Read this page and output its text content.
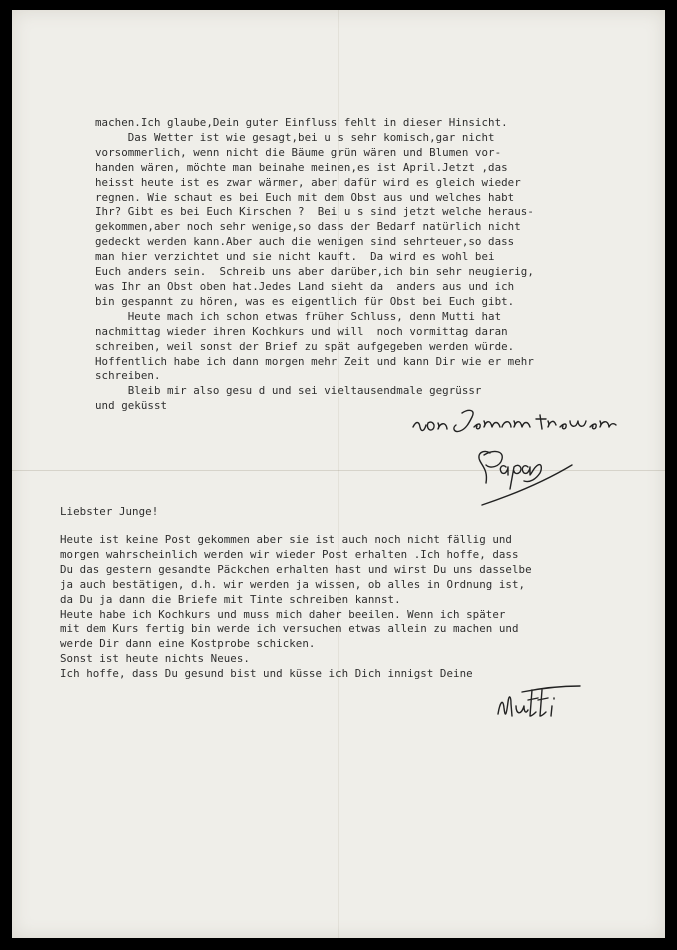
machen.Ich glaube,Dein guter Einfluss fehlt in dieser Hinsicht.
Das Wetter ist wie gesagt,bei u s sehr komisch,gar nicht
vorsommerlich, wenn nicht die Bäume grün wären und Blumen vor-
handen wären, möchte man beinahe meinen,es ist April.Jetzt ,das
heisst heute ist es zwar wärmer, aber dafür wird es gleich wieder
regnen. Wie schaut es bei Euch mit dem Obst aus und welches habt
Ihr? Gibt es bei Euch Kirschen ?  Bei u s sind jetzt welche heraus-
gekommen,aber noch sehr wenige,so dass der Bedarf natürlich nicht
gedeckt werden kann.Aber auch die wenigen sind sehrteuer,so dass
man hier verzichtet und sie nicht kauft.  Da wird es wohl bei
Euch anders sein.  Schreib uns aber darüber,ich bin sehr neugierig,
was Ihr an Obst oben hat.Jedes Land sieht da  anders aus und ich
bin gespannt zu hören, was es eigentlich für Obst bei Euch gibt.
Heute mach ich schon etwas früher Schluss, denn Mutti hat
nachmittag wieder ihren Kochkurs und will  noch vormittag daran
schreiben, weil sonst der Brief zu spät aufgegeben werden würde.
Hoffentlich habe ich dann morgen mehr Zeit und kann Dir wie er mehr
schreiben.
Bleib mir also gesu d und sei vieltausendmale gegrüssr
und geküsst
Liebster Junge!
Heute ist keine Post gekommen aber sie ist auch noch nicht fällig und
morgen wahrscheinlich werden wir wieder Post erhalten .Ich hoffe, dass
Du das gestern gesandte Päckchen erhalten hast und wirst Du uns dasselbe
ja auch bestätigen, d.h. wir werden ja wissen, ob alles in Ordnung ist,
da Du ja dann die Briefe mit Tinte schreiben kannst.
Heute habe ich Kochkurs und muss mich daher beeilen. Wenn ich später
mit dem Kurs fertig bin werde ich versuchen etwas allein zu machen und
werde Dir dann eine Kostprobe schicken.
Sonst ist heute nichts Neues.
Ich hoffe, dass Du gesund bist und küsse ich Dich innigst Deine
